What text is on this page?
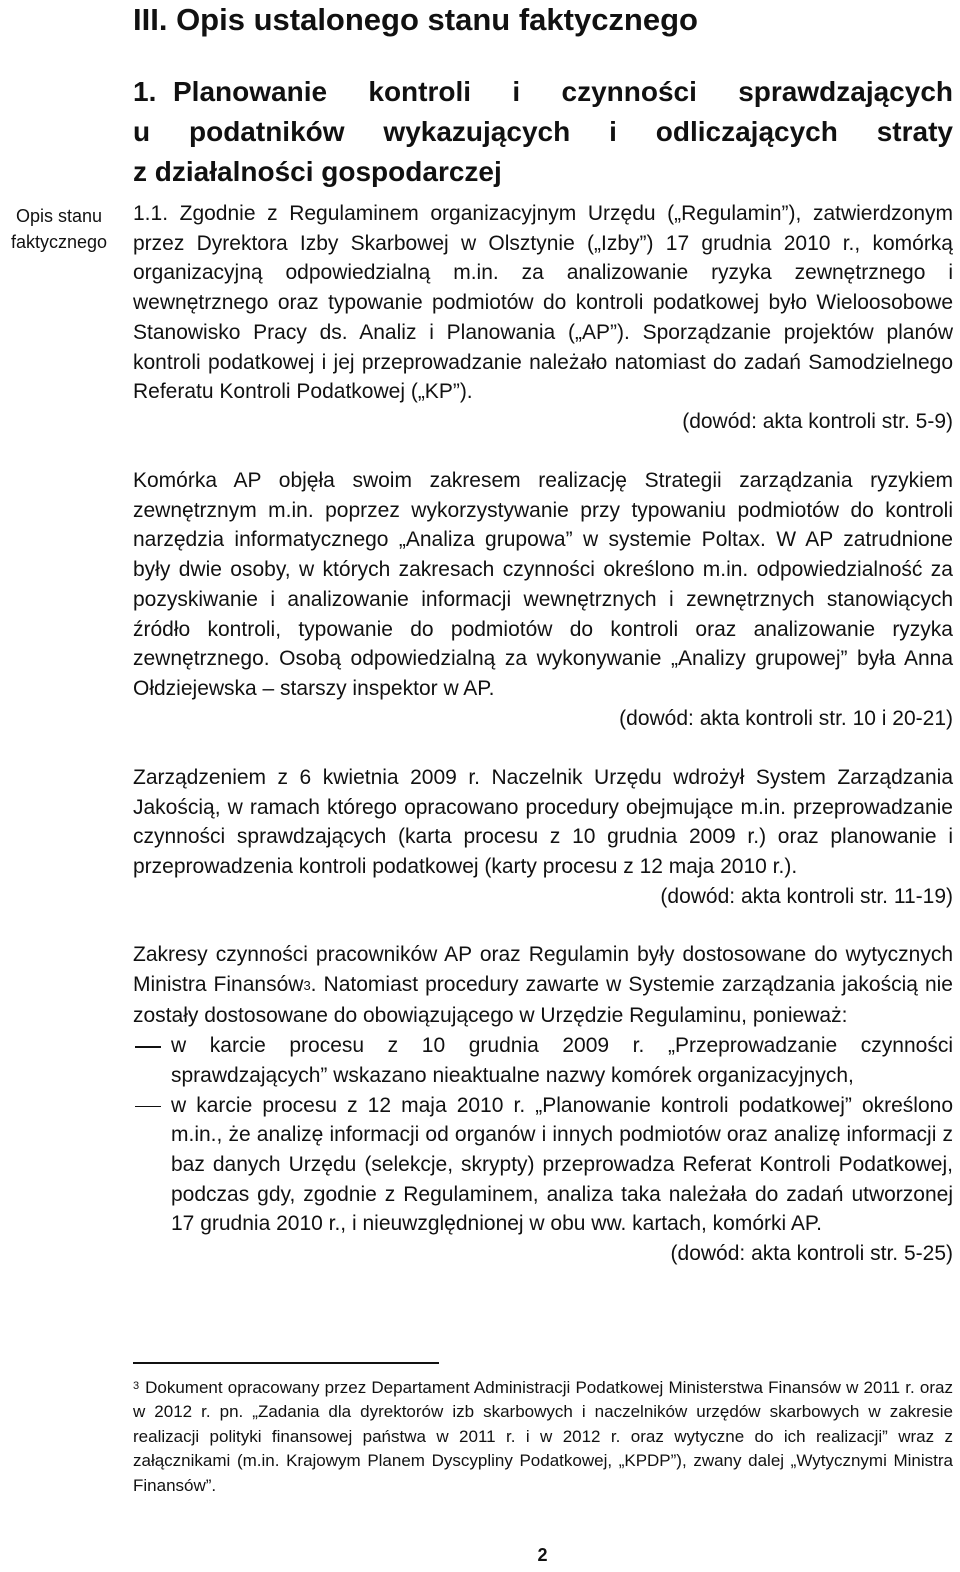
III. Opis ustalonego stanu faktycznego
1. Planowanie kontroli i czynności sprawdzających
u podatników wykazujących i odliczających straty
z działalności gospodarczej
Opis stanu faktycznego

1.1. Zgodnie z Regulaminem organizacyjnym Urzędu („Regulamin”), zatwierdzonym przez Dyrektora Izby Skarbowej w Olsztynie („Izby”) 17 grudnia 2010 r., komórką organizacyjną odpowiedzialną m.in. za analizowanie ryzyka zewnętrznego i wewnętrznego oraz typowanie podmiotów do kontroli podatkowej było Wieloosobowe Stanowisko Pracy ds. Analiz i Planowania („AP”). Sporządzanie projektów planów kontroli podatkowej i jej przeprowadzanie należało natomiast do zadań Samodzielnego Referatu Kontroli Podatkowej („KP”).

(dowód: akta kontroli str. 5-9)

Komórka AP objęła swoim zakresem realizację Strategii zarządzania ryzykiem zewnętrznym m.in. poprzez wykorzystywanie przy typowaniu podmiotów do kontroli narzędzia informatycznego „Analiza grupowa” w systemie Poltax. W AP zatrudnione były dwie osoby, w których zakresach czynności określono m.in. odpowiedzialność za pozyskiwanie i analizowanie informacji wewnętrznych i zewnętrznych stanowiących źródło kontroli, typowanie do podmiotów do kontroli oraz analizowanie ryzyka zewnętrznego. Osobą odpowiedzialną za wykonywanie „Analizy grupowej” była Anna Ołdziejewska – starszy inspektor w AP.

(dowód: akta kontroli str. 10 i 20-21)

Zarządzeniem z 6 kwietnia 2009 r. Naczelnik Urzędu wdrożył System Zarządzania Jakością, w ramach którego opracowano procedury obejmujące m.in. przeprowadzanie czynności sprawdzających (karta procesu z 10 grudnia 2009 r.) oraz planowanie i przeprowadzenia kontroli podatkowej (karty procesu z 12 maja 2010 r.).

(dowód: akta kontroli str. 11-19)

Zakresy czynności pracowników AP oraz Regulamin były dostosowane do wytycznych Ministra Finansów$^3$. Natomiast procedury zawarte w Systemie zarządzania jakością nie zostały dostosowane do obowiązującego w Urzędzie Regulaminu, ponieważ:

w karcie procesu z 10 grudnia 2009 r. „Przeprowadzanie czynności sprawdzających” wskazano nieaktualne nazwy komórek organizacyjnych,
w karcie procesu z 12 maja 2010 r. „Planowanie kontroli podatkowej” określono m.in., że analizę informacji od organów i innych podmiotów oraz analizę informacji z baz danych Urzędu (selekcje, skrypty) przeprowadza Referat Kontroli Podatkowej, podczas gdy, zgodnie z Regulaminem, analiza taka należała do zadań utworzonej 17 grudnia 2010 r., i nieuwzględnionej w obu ww. kartach, komórki AP.

(dowód: akta kontroli str. 5-25)

$^3$ Dokument opracowany przez Departament Administracji Podatkowej Ministerstwa Finansów w 2011 r. oraz w 2012 r. pn. „Zadania dla dyrektorów izb skarbowych i naczelników urzędów skarbowych w zakresie realizacji polityki finansowej państwa w 2011 r. i w 2012 r. oraz wytyczne do ich realizacji” wraz z załącznikami (m.in. Krajowym Planem Dyscypliny Podatkowej, „KPDP”), zwany dalej „Wytycznymi Ministra Finansów”.
2
